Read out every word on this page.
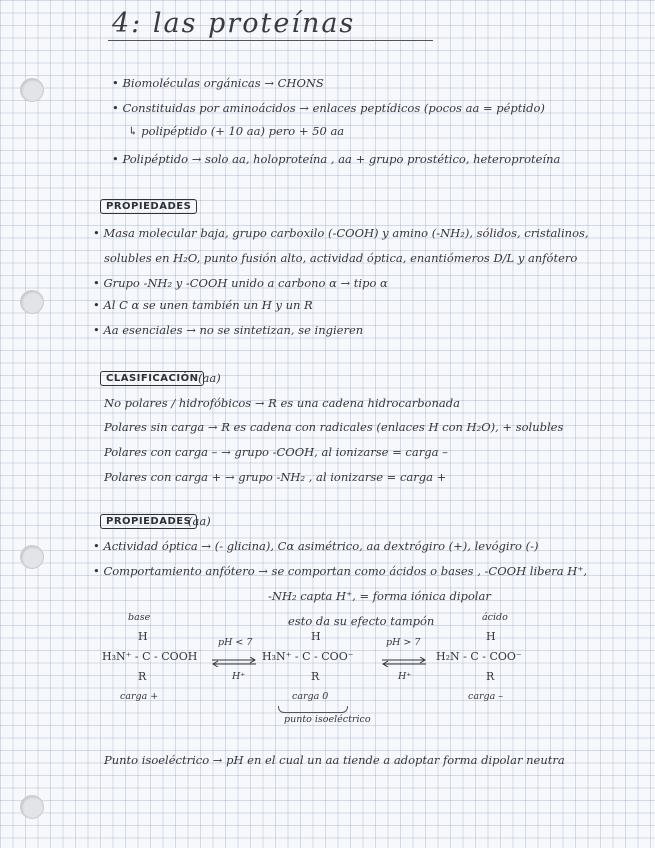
4: las proteínas
• Biomoléculas orgánicas → CHONS
• Constituidas por aminoácidos → enlaces peptídicos (pocos aa = péptido)
↳ polipéptido (+ 10 aa) pero + 50 aa
• Polipéptido → solo aa, holoproteína , aa + grupo prostético, heteroproteína
PROPIEDADES
• Masa molecular baja, grupo carboxilo (-COOH) y amino (-NH₂), sólidos, cristalinos,
solubles en H₂O, punto fusión alto, actividad óptica, enantiómeros D/L y anfótero
• Grupo -NH₂ y -COOH unido a carbono α → tipo α
• Al C α se unen también un H y un R
• Aa esenciales → no se sintetizan, se ingieren
CLASIFICACIÓN (aa)
No polares / hidrofóbicos → R es una cadena hidrocarbonada
Polares sin carga → R es cadena con radicales (enlaces H con H₂O), + solubles
Polares con carga – → grupo -COOH, al ionizarse = carga –
Polares con carga + → grupo -NH₂ , al ionizarse = carga +
PROPIEDADES
(aa)
• Actividad óptica → (- glicina), Cα asimétrico, aa dextrógiro (+), levógiro (-)
• Comportamiento anfótero → se comportan como ácidos o bases , -COOH libera H⁺,
-NH₂ capta H⁺, = forma iónica dipolar
esto da su efecto tampón
base	ácido
H	H	H
H₃N⁺ - C - COOH
pH < 7
H⁺
H₃N⁺ - C - COO⁻
pH > 7
H⁺
H₂N - C - COO⁻
R	R	R
carga +	carga 0	carga –
punto isoeléctrico
Punto isoeléctrico → pH en el cual un aa tiende a adoptar forma dipolar neutra
